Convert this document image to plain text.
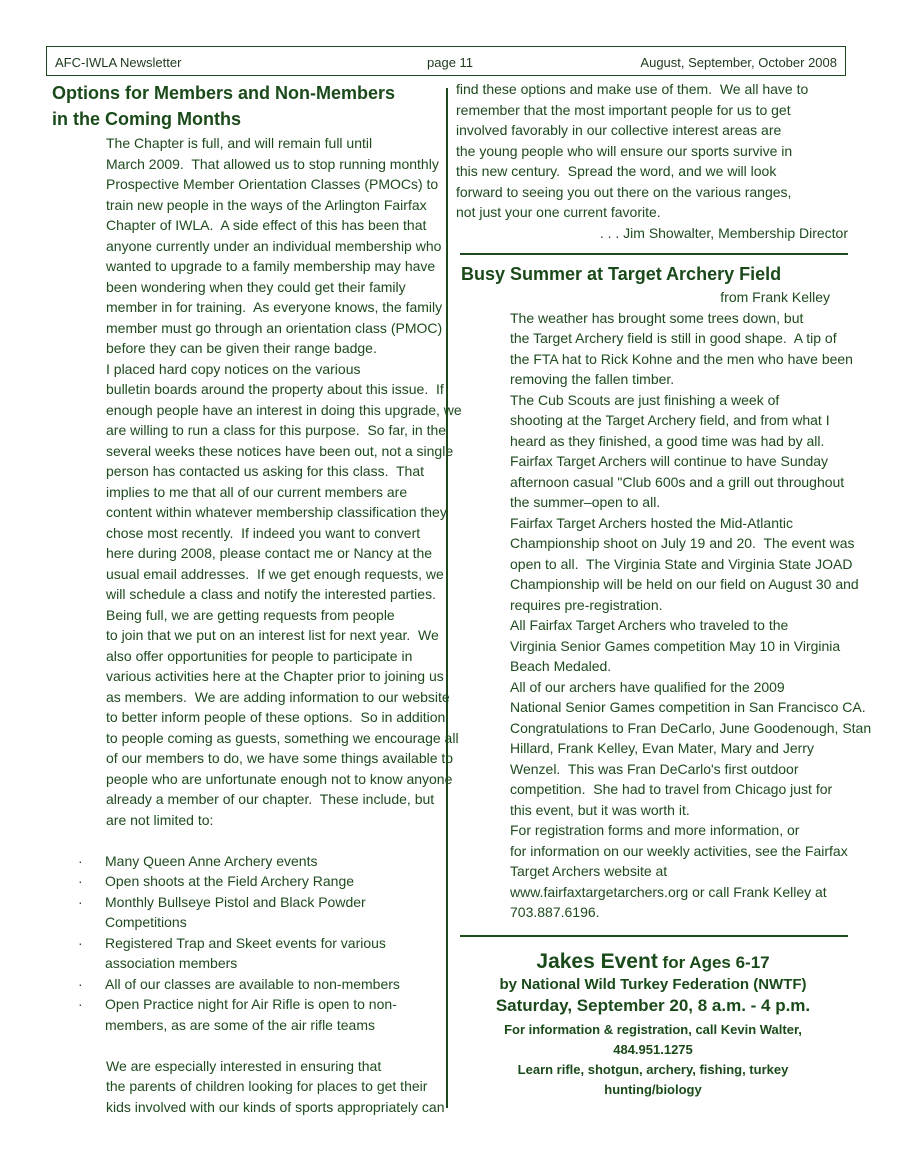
AFC-IWLA Newsletter	page 11	August, September, October 2008
Options for Members and Non-Members
in the Coming Months
The Chapter is full, and will remain full until
March 2009.  That allowed us to stop running monthly
Prospective Member Orientation Classes (PMOCs) to
train new people in the ways of the Arlington Fairfax
Chapter of IWLA.  A side effect of this has been that
anyone currently under an individual membership who
wanted to upgrade to a family membership may have
been wondering when they could get their family
member in for training.  As everyone knows, the family
member must go through an orientation class (PMOC)
before they can be given their range badge.
I placed hard copy notices on the various
bulletin boards around the property about this issue.  If
enough people have an interest in doing this upgrade, we
are willing to run a class for this purpose.  So far, in the
several weeks these notices have been out, not a single
person has contacted us asking for this class.  That
implies to me that all of our current members are
content within whatever membership classification they
chose most recently.  If indeed you want to convert
here during 2008, please contact me or Nancy at the
usual email addresses.  If we get enough requests, we
will schedule a class and notify the interested parties.
Being full, we are getting requests from people
to join that we put on an interest list for next year.  We
also offer opportunities for people to participate in
various activities here at the Chapter prior to joining us
as members.  We are adding information to our website
to better inform people of these options.  So in addition
to people coming as guests, something we encourage all
of our members to do, we have some things available to
people who are unfortunate enough not to know anyone
already a member of our chapter.  These include, but
are not limited to:
· Many Queen Anne Archery events
· Open shoots at the Field Archery Range
· Monthly Bullseye Pistol and Black Powder
Competitions
· Registered Trap and Skeet events for various
association members
· All of our classes are available to non-members
· Open Practice night for Air Rifle is open to non-
members, as are some of the air rifle teams
We are especially interested in ensuring that
the parents of children looking for places to get their
kids involved with our kinds of sports appropriately can
find these options and make use of them.  We all have to
remember that the most important people for us to get
involved favorably in our collective interest areas are
the young people who will ensure our sports survive in
this new century.  Spread the word, and we will look
forward to seeing you out there on the various ranges,
not just your one current favorite.
. . . Jim Showalter, Membership Director
Busy Summer at Target Archery Field
from Frank Kelley
The weather has brought some trees down, but
the Target Archery field is still in good shape.  A tip of
the FTA hat to Rick Kohne and the men who have been
removing the fallen timber.
The Cub Scouts are just finishing a week of
shooting at the Target Archery field, and from what I
heard as they finished, a good time was had by all.
Fairfax Target Archers will continue to have Sunday
afternoon casual "Club 600s and a grill out throughout
the summer–open to all.
Fairfax Target Archers hosted the Mid-Atlantic
Championship shoot on July 19 and 20.  The event was
open to all.  The Virginia State and Virginia State JOAD
Championship will be held on our field on August 30 and
requires pre-registration.
All Fairfax Target Archers who traveled to the
Virginia Senior Games competition May 10 in Virginia
Beach Medaled.
All of our archers have qualified for the 2009
National Senior Games competition in San Francisco CA.
Congratulations to Fran DeCarlo, June Goodenough, Stan
Hillard, Frank Kelley, Evan Mater, Mary and Jerry
Wenzel.  This was Fran DeCarlo's first outdoor
competition.  She had to travel from Chicago just for
this event, but it was worth it.
For registration forms and more information, or
for information on our weekly activities, see the Fairfax
Target Archers website at
www.fairfaxtargetarchers.org or call Frank Kelley at
703.887.6196.
Jakes Event for Ages 6-17
by National Wild Turkey Federation (NWTF)
Saturday, September 20, 8 a.m. - 4 p.m.
For information & registration, call Kevin Walter,
484.951.1275
Learn rifle, shotgun, archery, fishing, turkey
hunting/biology
